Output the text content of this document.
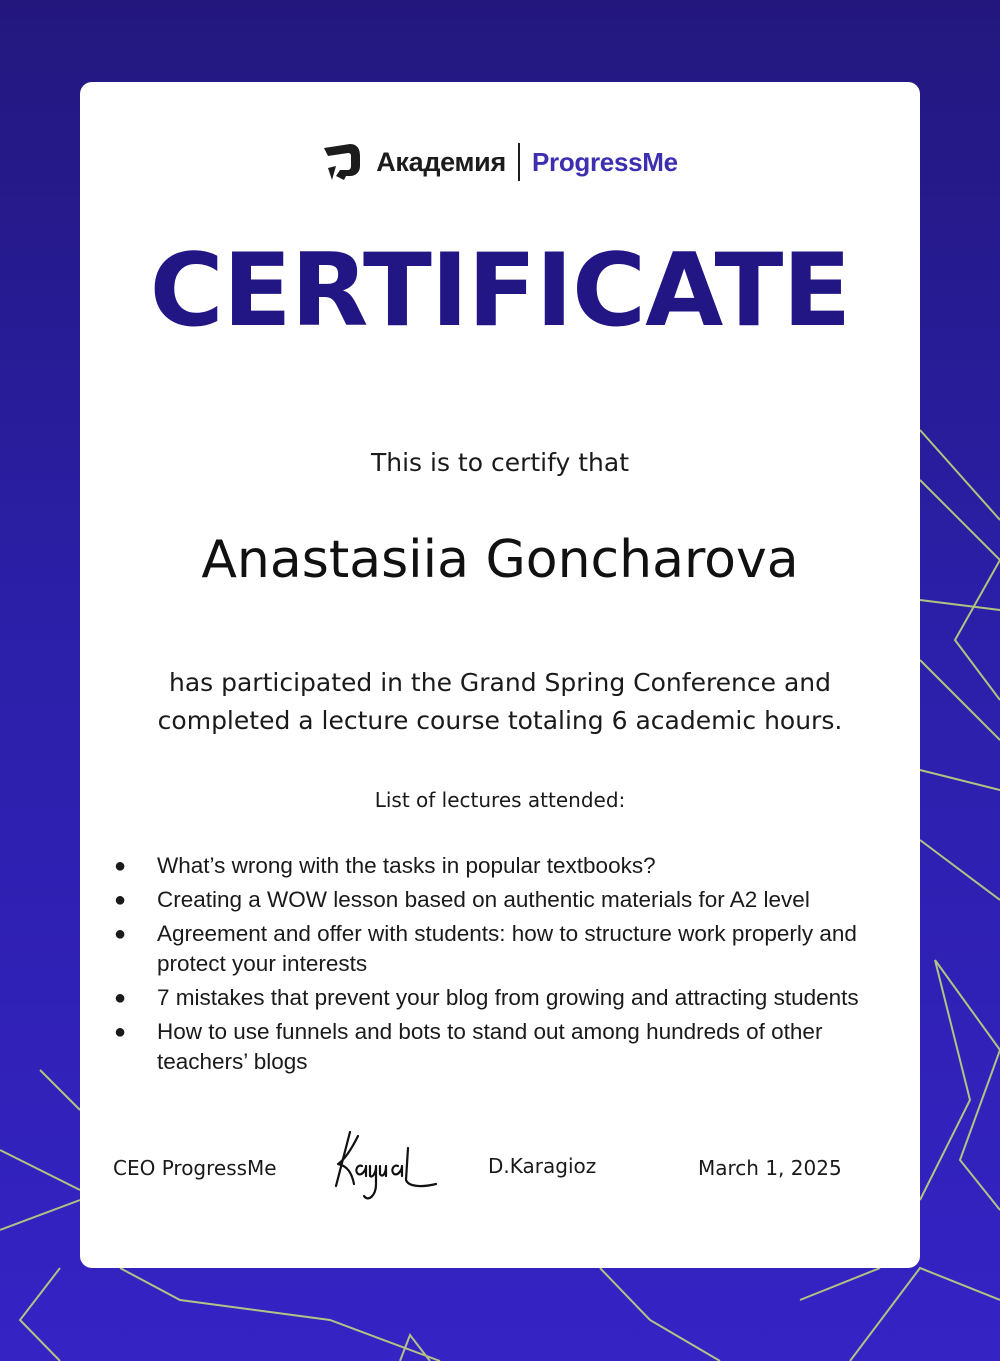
Академия ProgressMe
CERTIFICATE
This is to certify that
Anastasiia Goncharova
has participated in the Grand Spring Conference and
completed a lecture course totaling 6 academic hours.
List of lectures attended:
● What’s wrong with the tasks in popular textbooks?
● Creating a WOW lesson based on authentic materials for A2 level
● Agreement and offer with students: how to structure work properly and protect your interests
● 7 mistakes that prevent your blog from growing and attracting students
● How to use funnels and bots to stand out among hundreds of other teachers’ blogs
CEO ProgressMe	D.Karagioz	March 1, 2025
